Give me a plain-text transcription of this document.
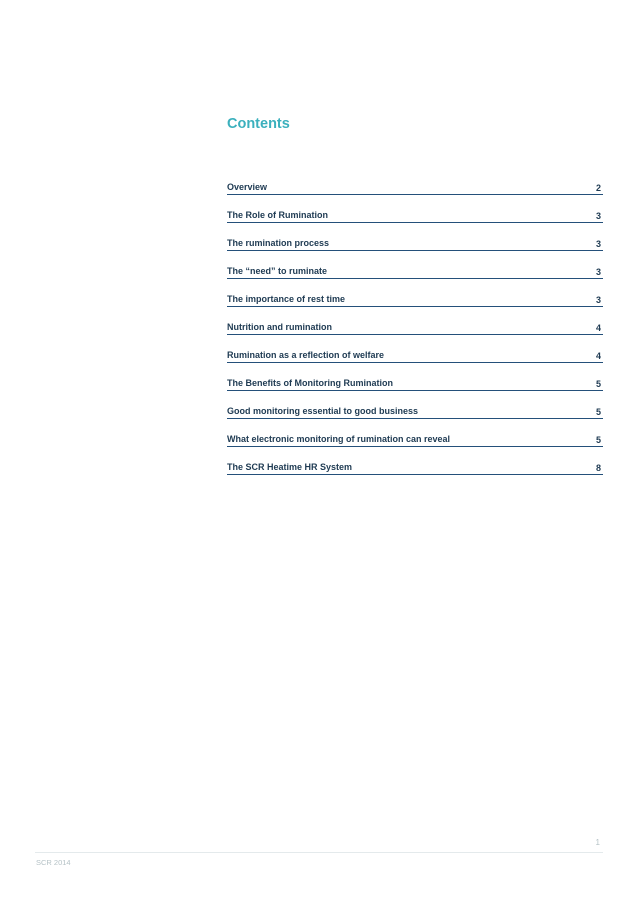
Contents
Overview	2
The Role of Rumination	3
The rumination process	3
The “need” to ruminate	3
The importance of rest time	3
Nutrition and rumination	4
Rumination as a reflection of welfare	4
The Benefits of Monitoring Rumination	5
Good monitoring essential to good business	5
What electronic monitoring of rumination can reveal	5
The SCR Heatime HR System	8
1
SCR 2014
